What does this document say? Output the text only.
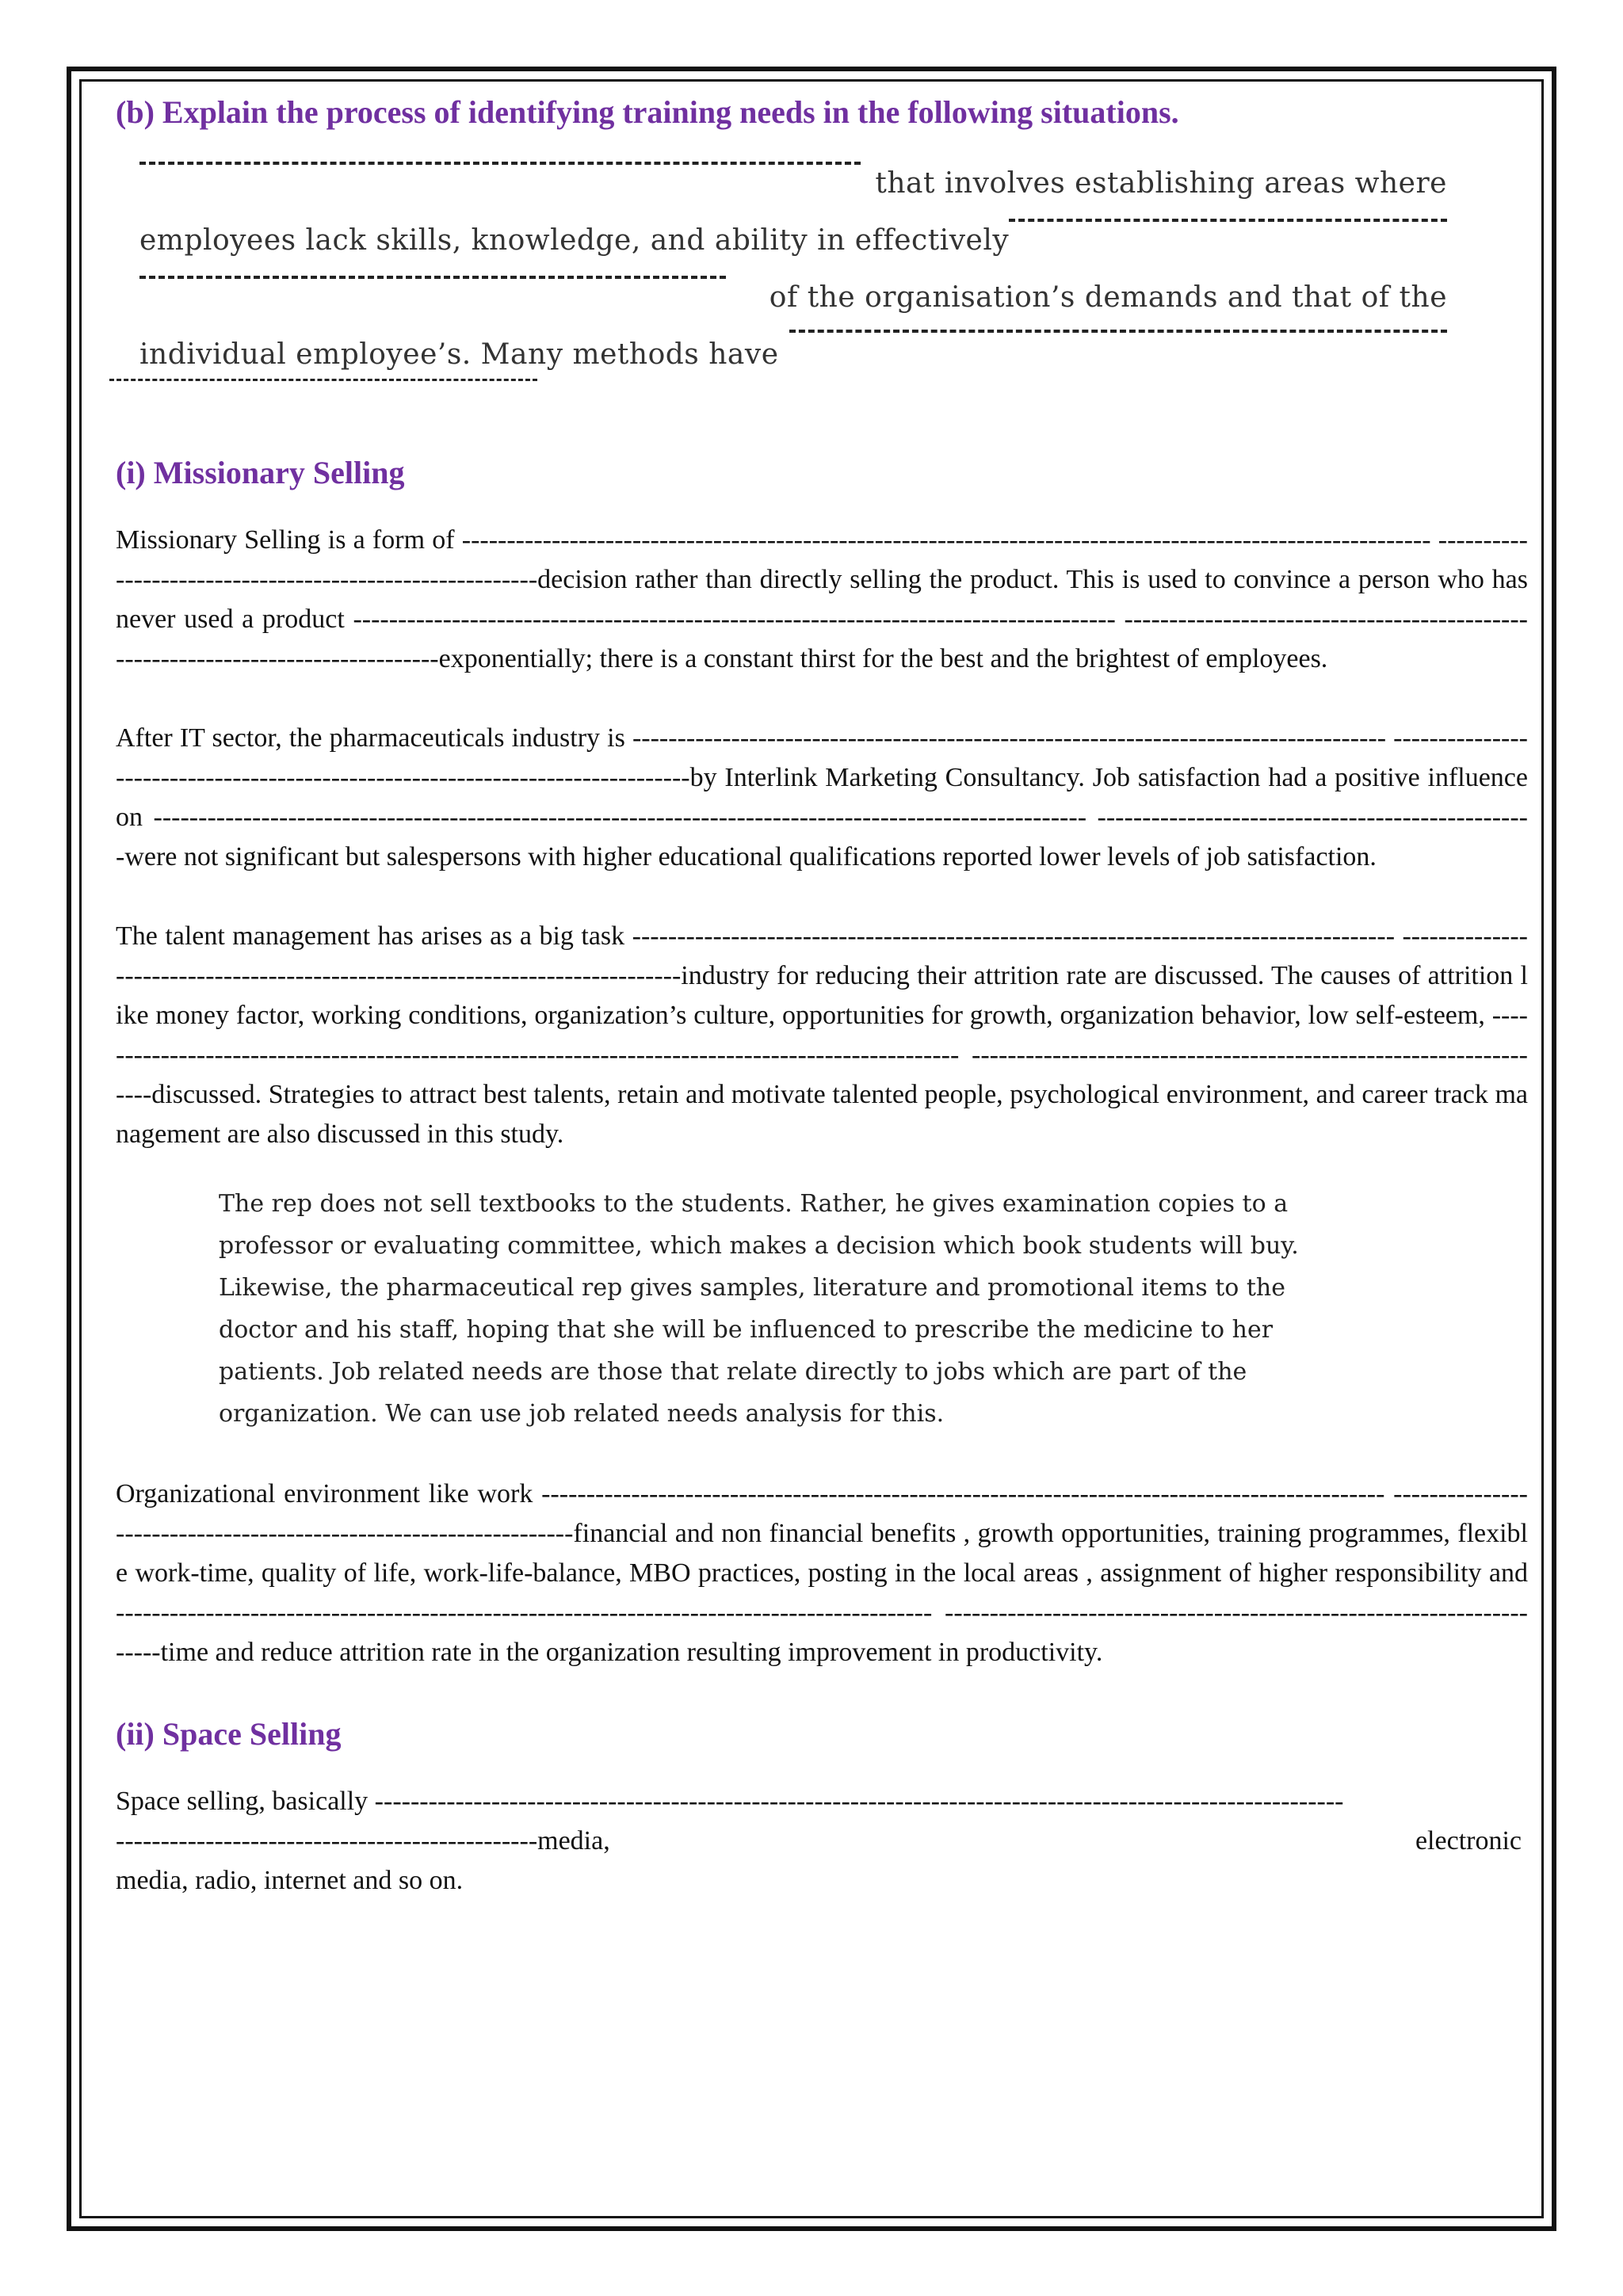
(b) Explain the process of identifying training needs in the following situations.
that involves establishing areas where
employees lack skills, knowledge, and ability in effectively
of the organisation’s demands and that of the
individual employee’s. Many methods have
(i) Missionary Selling

Missionary Selling is a form of ------------------------------------------------------------------------------------------------------------ ---------------------------------------------------------decision rather than directly selling the product. This is used to convince a person who has never used a product ------------------------------------------------------------------------------------- ---------------------------------------------------------------------------------exponentially; there is a constant thirst for the best and the brightest of employees.

After IT sector, the pharmaceuticals industry is ------------------------------------------------------------------------------------ -------------------------------------------------------------------------------by Interlink Marketing Consultancy. Job satisfaction had a positive influence on -------------------------------------------------------------------------------------------------------- -------------------------------------------------were not significant but salespersons with higher educational qualifications reported lower levels of job satisfaction.

The talent management has arises as a big task ------------------------------------------------------------------------------------- -----------------------------------------------------------------------------industry for reducing their attrition rate are discussed. The causes of attrition like money factor, working conditions, organization’s culture, opportunities for growth, organization behavior, low self-esteem, -------------------------------------------------------------------------------------------------- ------------------------------------------------------------------discussed. Strategies to attract best talents, retain and motivate talented people, psychological environment, and career track management are also discussed in this study.

The rep does not sell textbooks to the students. Rather, he gives examination copies to a
professor or evaluating committee, which makes a decision which book students will buy.
Likewise, the pharmaceutical rep gives samples, literature and promotional items to the
doctor and his staff, hoping that she will be influenced to prescribe the medicine to her
patients. Job related needs are those that relate directly to jobs which are part of the
organization. We can use job related needs analysis for this.

Organizational environment like work ---------------------------------------------------------------------------------------------- ------------------------------------------------------------------financial and non financial benefits , growth opportunities, training programmes, flexible work-time, quality of life, work-life-balance, MBO practices, posting in the local areas , assignment of higher responsibility and ------------------------------------------------------------------------------------------- ----------------------------------------------------------------------time and reduce attrition rate in the organization resulting improvement in productivity.

(ii) Space Selling
Space selling, basically ------------------------------------------------------------------------------------------------------------
-----------------------------------------------media,	electronic
media, radio, internet and so on.
